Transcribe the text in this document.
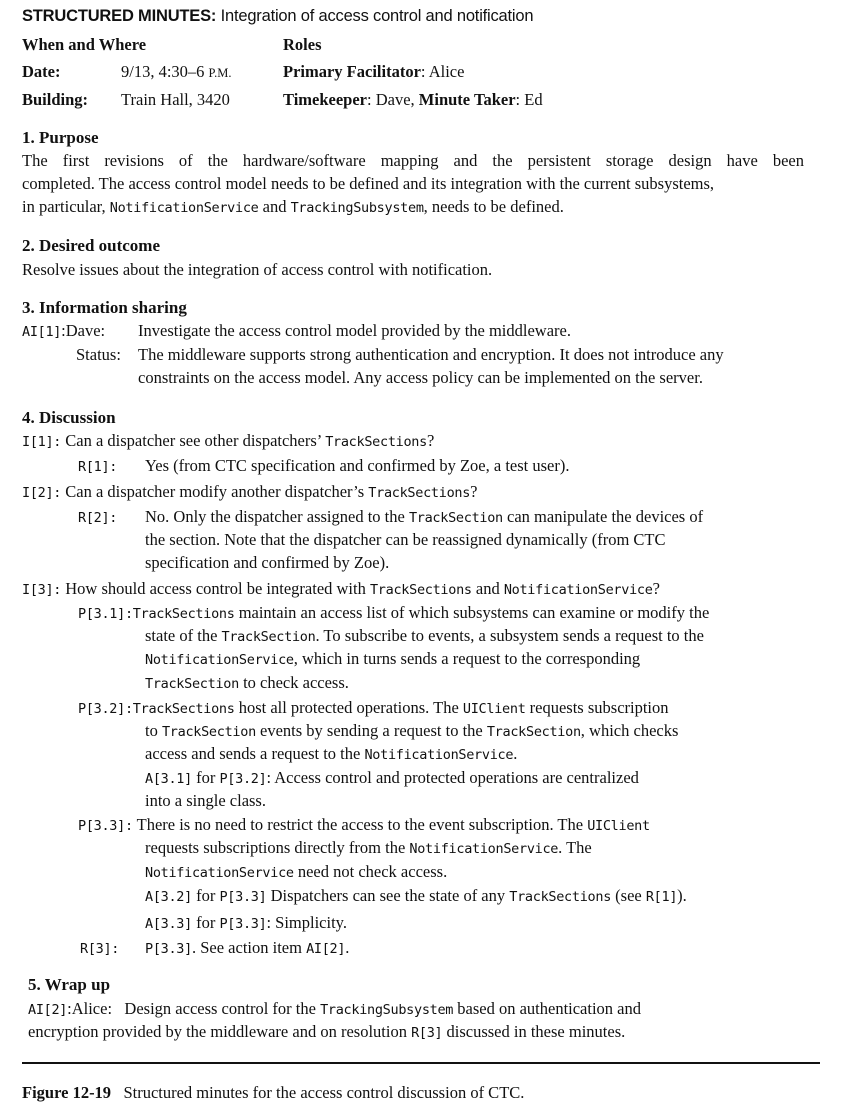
STRUCTURED MINUTES: Integration of access control and notification
When and Where	Roles
Date:	9/13, 4:30–6 P.M.	Primary Facilitator: Alice
Building: Train Hall, 3420	Timekeeper: Dave, Minute Taker: Ed
1. Purpose
The first revisions of the hardware/software mapping and the persistent storage design have been
completed. The access control model needs to be defined and its integration with the current subsystems,
in particular, NotificationService and TrackingSubsystem, needs to be defined.
2. Desired outcome
Resolve issues about the integration of access control with notification.
3. Information sharing
AI[1]:Dave: Investigate the access control model provided by the middleware.
Status: The middleware supports strong authentication and encryption. It does not introduce any
constraints on the access model. Any access policy can be implemented on the server.
4. Discussion
I[1]: Can a dispatcher see other dispatchers’ TrackSections?
R[1]: Yes (from CTC specification and confirmed by Zoe, a test user).
I[2]: Can a dispatcher modify another dispatcher’s TrackSections?
R[2]: No. Only the dispatcher assigned to the TrackSection can manipulate the devices of
the section. Note that the dispatcher can be reassigned dynamically (from CTC
specification and confirmed by Zoe).
I[3]: How should access control be integrated with TrackSections and NotificationService?
P[3.1]:TrackSections maintain an access list of which subsystems can examine or modify the
state of the TrackSection. To subscribe to events, a subsystem sends a request to the
NotificationService, which in turns sends a request to the corresponding
TrackSection to check access.
P[3.2]:TrackSections host all protected operations. The UIClient requests subscription
to TrackSection events by sending a request to the TrackSection, which checks
access and sends a request to the NotificationService.
A[3.1] for P[3.2]: Access control and protected operations are centralized
into a single class.
P[3.3]: There is no need to restrict the access to the event subscription. The UIClient
requests subscriptions directly from the NotificationService. The
NotificationService need not check access.
A[3.2] for P[3.3] Dispatchers can see the state of any TrackSections (see R[1]).
A[3.3] for P[3.3]: Simplicity.
R[3]: P[3.3]. See action item AI[2].
5. Wrap up
AI[2]:Alice: Design access control for the TrackingSubsystem based on authentication and
encryption provided by the middleware and on resolution R[3] discussed in these minutes.
Figure 12-19 Structured minutes for the access control discussion of CTC.
